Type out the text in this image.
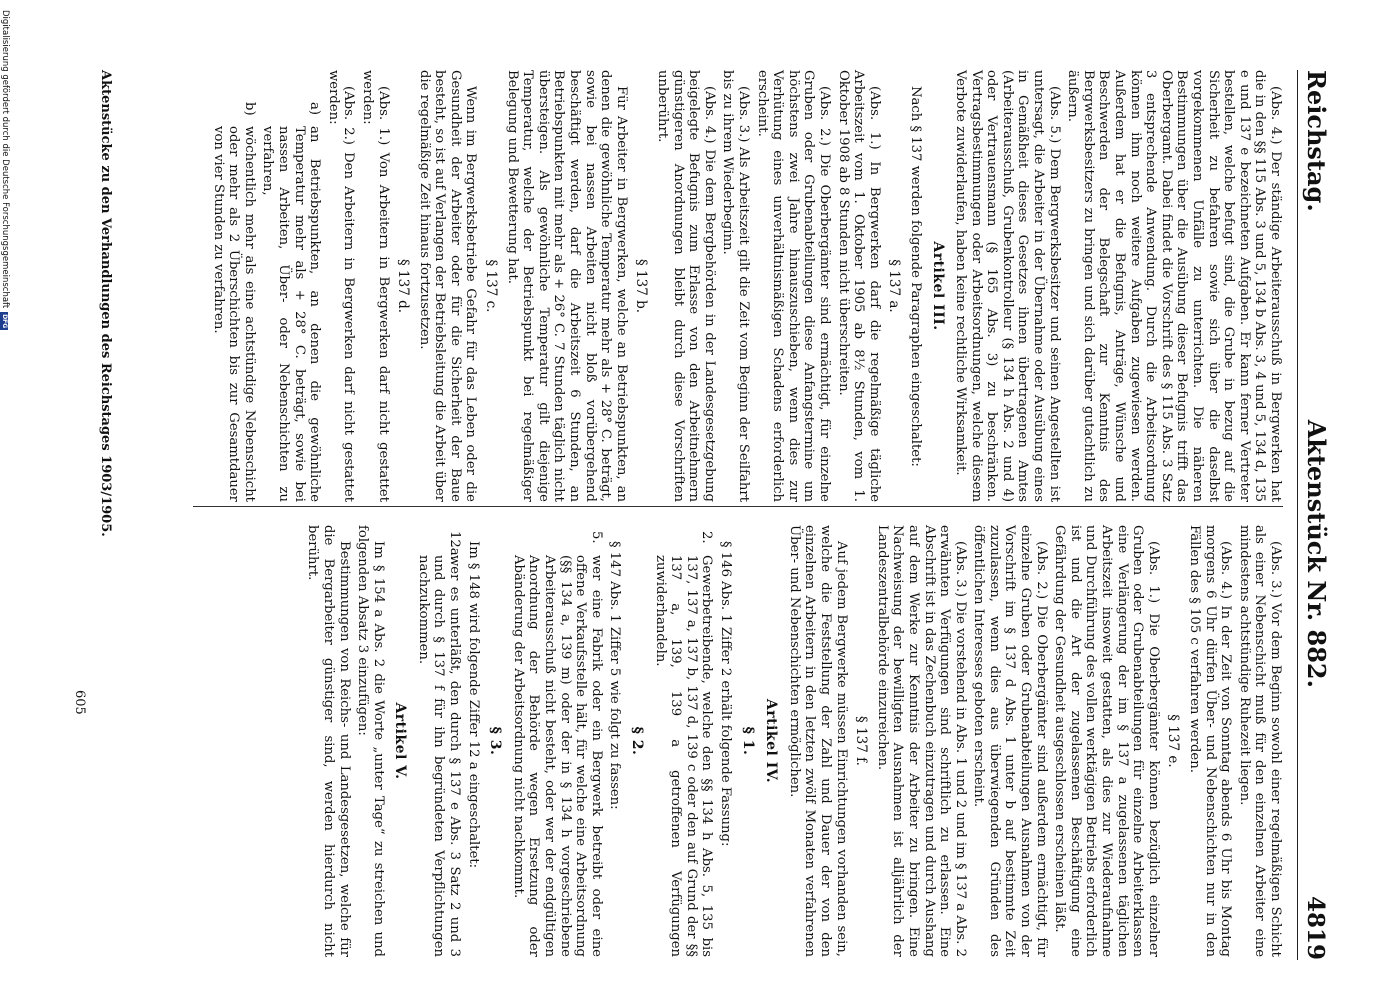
Reichstag.
Aktenstück Nr. 882.
4819

(Abs. 4.) Der ständige Arbeiterausschuß in Bergwerken hat die in den §§ 115 Abs. 3 und 5, 134 b Abs. 3, 4 und 5, 134 d, 135 e und 137 e bezeichneten Aufgaben. Er kann ferner Vertreter bestellen, welche befugt sind, die Grube in bezug auf die Sicherheit zu befahren sowie sich über die daselbst vorgekommenen Unfälle zu unterrichten. Die näheren Bestimmungen über die Ausübung dieser Befugnis trifft das Oberbergamt. Dabei findet die Vorschrift des § 115 Abs. 3 Satz 3 entsprechende Anwendung. Durch die Arbeitsordnung können ihm noch weitere Aufgaben zugewiesen werden. Außerdem hat er die Befugnis, Anträge, Wünsche und Beschwerden der Belegschaft zur Kenntnis des Bergwerksbesitzers zu bringen und sich darüber gutachtlich zu äußern.

(Abs. 5.) Dem Bergwerksbesitzer und seinen Angestellten ist untersagt, die Arbeiter in der Übernahme oder Ausübung eines in Gemäßheit dieses Gesetzes ihnen übertragenen Amtes (Arbeiterausschuß, Grubenkontrolleur (§ 134 h Abs. 2 und 4) oder Vertrauensmann (§ 165 Abs. 3) zu beschränken. Vertragsbestimmungen oder Arbeitsordnungen, welche diesem Verbote zuwiderlaufen, haben keine rechtliche Wirksamkeit.

Artikel III.

Nach § 137 werden folgende Paragraphen eingeschaltet:

§ 137 a.

(Abs. 1.) In Bergwerken darf die regelmäßige tägliche Arbeitszeit vom 1. Oktober 1905 ab 8½ Stunden, vom 1. Oktober 1908 ab 8 Stunden nicht überschreiten.

(Abs. 2.) Die Oberbergämter sind ermächtigt, für einzelne Gruben oder Grubenabteilungen diese Anfangstermine um höchstens zwei Jahre hinauszuschieben, wenn dies zur Verhütung eines unverhältnismäßigen Schadens erforderlich erscheint.

(Abs. 3.) Als Arbeitszeit gilt die Zeit vom Beginn der Seilfahrt bis zu ihrem Wiederbeginn.

(Abs. 4.) Die dem Bergbehörden in der Landesgesetzgebung beigelegte Befugnis zum Erlasse von den Arbeitnehmern günstigeren Anordnungen bleibt durch diese Vorschriften unberührt.

§ 137 b.

Für Arbeiter in Bergwerken, welche an Betriebspunkten, an denen die gewöhnliche Temperatur mehr als + 28° C. beträgt, sowie bei nassen Arbeiten nicht bloß vorübergehend beschäftigt werden, darf die Arbeitszeit 6 Stunden, an Betriebspunkten mit mehr als + 26° C. 7 Stunden täglich nicht übersteigen. Als gewöhnliche Temperatur gilt diejenige Temperatur, welche der Betriebspunkt bei regelmäßiger Belegung und Bewetterung hat.

§ 137 c.

Wenn im Bergwerksbetriebe Gefahr für das Leben oder die Gesundheit der Arbeiter oder für die Sicherheit der Baue besteht, so ist auf Verlangen der Betriebsleitung die Arbeit über die regelmäßige Zeit hinaus fortzusetzen.

§ 137 d.

(Abs. 1.) Von Arbeitern in Bergwerken darf nicht gestattet werden:

(Abs. 2.) Den Arbeitern in Bergwerken darf nicht gestattet werden:

a)
an Betriebspunkten, an denen die gewöhnliche Temperatur mehr als + 28° C. beträgt, sowie bei nassen Arbeiten, Über- oder Nebenschichten zu verfahren,

b)
wöchentlich mehr als eine achtstündige Nebenschicht oder mehr als 2 Überschichten bis zur Gesamtdauer von vier Stunden zu verfahren.

(Abs. 3.) Vor dem Beginn sowohl einer regelmäßigen Schicht als einer Nebenschicht muß für den einzelnen Arbeiter eine mindestens achtstündige Ruhezeit liegen.

(Abs. 4.) In der Zeit von Sonntag abends 6 Uhr bis Montag morgens 6 Uhr dürfen Über- und Nebenschichten nur in den Fällen des § 105 c verfahren werden.

§ 137 e.

(Abs. 1.) Die Oberbergämter können bezüglich einzelner Gruben oder Grubenabteilungen für einzelne Arbeiterklassen eine Verlängerung der im § 137 a zugelassenen täglichen Arbeitszeit insoweit gestatten, als dies zur Wiederaufnahme und Durchführung des vollen werktägigen Betriebs erforderlich ist und die Art der zugelassenen Beschäftigung eine Gefährdung der Gesundheit ausgeschlossen erscheinen läßt.

(Abs. 2.) Die Oberbergämter sind außerdem ermächtigt, für einzelne Gruben oder Grubenabteilungen Ausnahmen von der Vorschrift im § 137 d Abs. 1 unter b auf bestimmte Zeit zuzulassen, wenn dies aus überwiegenden Gründen des öffentlichen Interesses geboten erscheint.

(Abs. 3.) Die vorstehend in Abs. 1 und 2 und im § 137 a Abs. 2 erwähnten Verfügungen sind schriftlich zu erlassen. Eine Abschrift ist in das Zechenbuch einzutragen und durch Aushang auf dem Werke zur Kenntnis der Arbeiter zu bringen. Eine Nachweisung der bewilligten Ausnahmen ist alljährlich der Landeszentralbehörde einzureichen.

§ 137 f.

Auf jedem Bergwerke müssen Einrichtungen vorhanden sein, welche die Feststellung der Zahl und Dauer der von den einzelnen Arbeitern in den letzten zwölf Monaten verfahrenen Über- und Nebenschichten ermöglichen.

Artikel IV.
§ 1.

§ 146 Abs. 1 Ziffer 2 erhält folgende Fassung:

2.
Gewerbetreibende, welche den §§ 134 h Abs. 5, 135 bis 137, 137 a, 137 b, 137 d, 139 c oder den auf Grund der §§ 137 a, 139, 139 a getroffenen Verfügungen zuwiderhandeln.

§ 2.

§ 147 Abs. 1 Ziffer 5 wie folgt zu fassen:

5.
wer eine Fabrik oder ein Bergwerk betreibt oder eine offene Verkaufsstelle hält, für welche eine Arbeitsordnung (§§ 134 a, 139 m) oder der in § 134 h vorgeschriebene Arbeiterausschuß nicht besteht, oder wer der endgültigen Anordnung der Behörde wegen Ersetzung oder Abänderung der Arbeitsordnung nicht nachkommt.

§ 3.

Im § 148 wird folgende Ziffer 12 a eingeschaltet:

12a.
wer es unterläßt, den durch § 137 e Abs. 3 Satz 2 und 3 und durch § 137 f für ihn begründeten Verpflichtungen nachzukommen.

Artikel V.

Im § 154 a Abs. 2 die Worte „unter Tage“ zu streichen und folgenden Absatz 3 einzufügen:

Bestimmungen von Reichs- und Landesgesetzen, welche für die Bergarbeiter günstiger sind, werden hierdurch nicht berührt.

Aktenstücke zu den Verhandlungen des Reichstages 1903/1905.
605
Digitalisierung gefördert durch die Deutsche Forschungsgemeinschaft
DFG
